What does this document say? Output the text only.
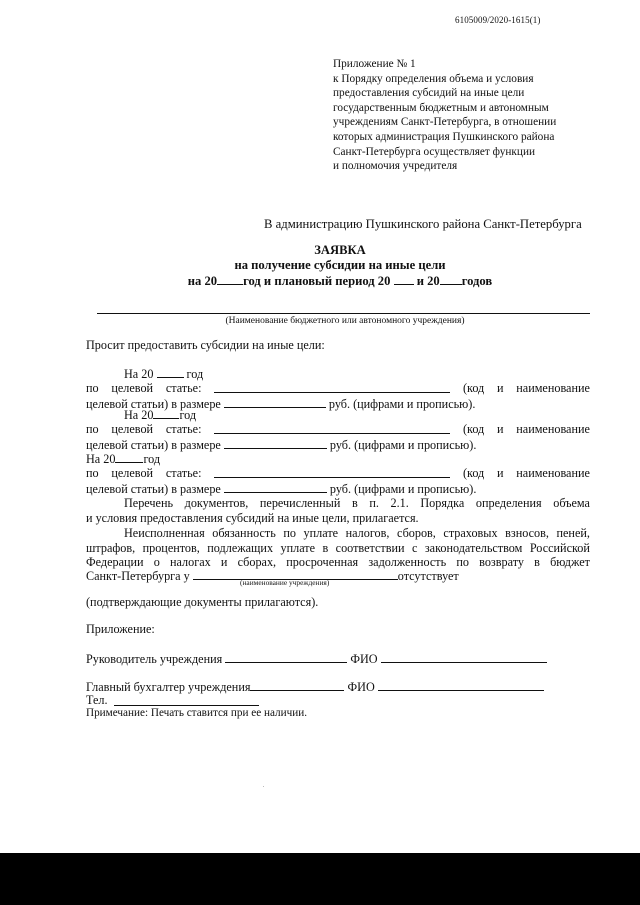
6105009/2020-1615(1)
Приложение № 1
к Порядку определения объема и условия
предоставления субсидий на иные цели
государственным бюджетным и автономным
учреждениям Санкт-Петербурга, в отношении
которых администрация Пушкинского района
Санкт-Петербурга осуществляет функции
и полномочия учредителя
В администрацию Пушкинского района Санкт-Петербурга
ЗАЯВКА
на получение субсидии на иные цели
на 20 год и плановый период 20 и 20 годов
(Наименование бюджетного или автономного учреждения)
Просит предоставить субсидии на иные цели:
На 20	год
по целевой статье:	(код и наименование
целевой статьи) в размере	руб. (цифрами и прописью).
На 20 год
по целевой статье:	(код и наименование
целевой статьи) в размере	руб. (цифрами и прописью).
На 20 год
по целевой статье:	(код и наименование
целевой статьи) в размере	руб. (цифрами и прописью).
Перечень документов, перечисленный в п. 2.1. Порядка определения объема
и условия предоставления субсидий на иные цели, прилагается.
Неисполненная обязанность по уплате налогов, сборов, страховых взносов, пеней,
штрафов, процентов, подлежащих уплате в соответствии с законодательством Российской
Федерации о налогах и сборах, просроченная задолженность по возврату в бюджет
Санкт-Петербурга у	отсутствует
(наименование учреждения)
(подтверждающие документы прилагаются).
Приложение:
Руководитель учреждения	ФИО
Главный бухгалтер учреждения	ФИО
Тел.
Примечание: Печать ставится при ее наличии.
